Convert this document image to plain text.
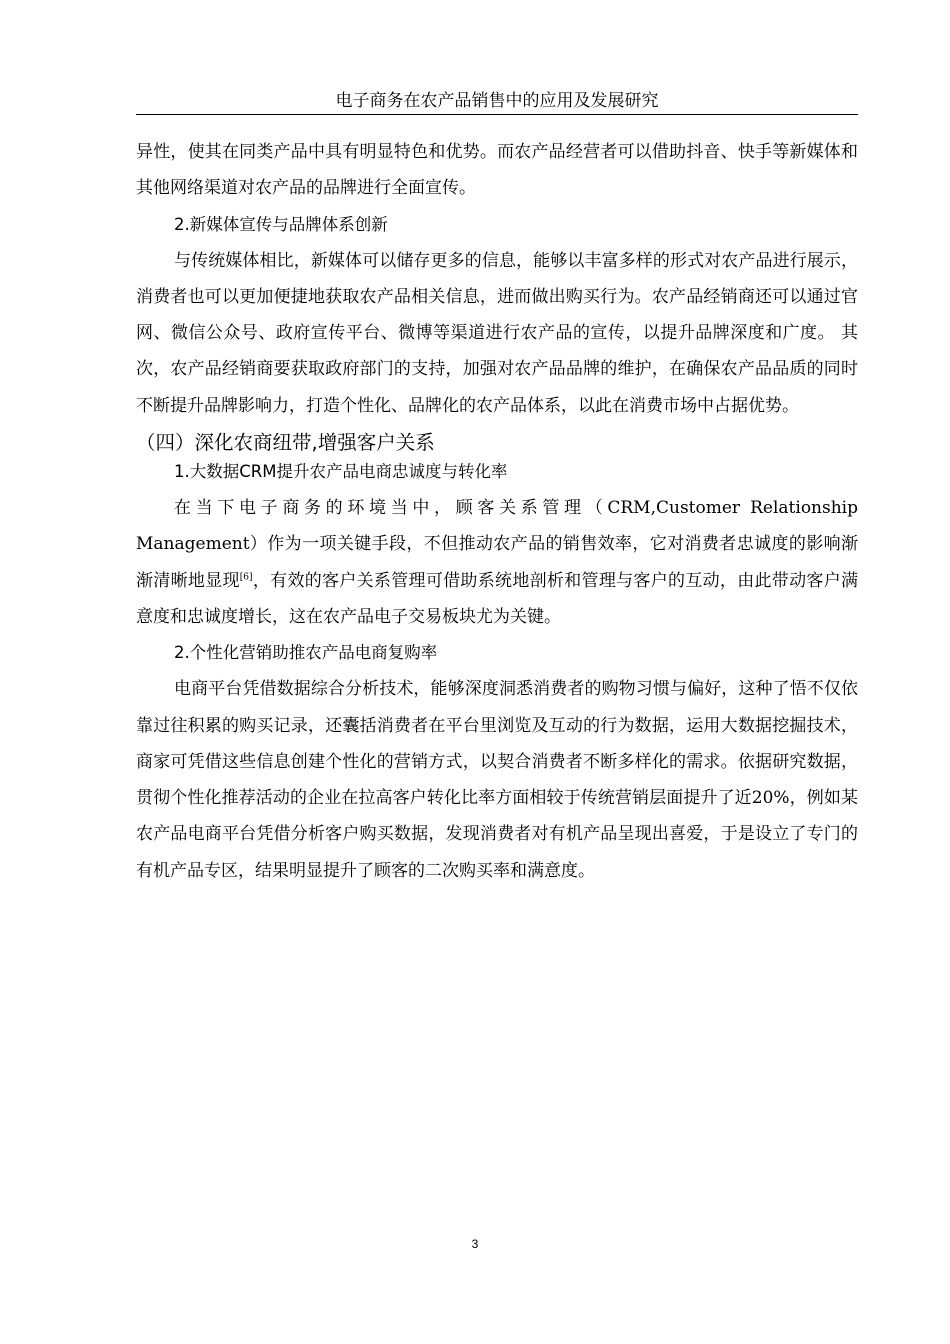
电子商务在农产品销售中的应用及发展研究

异性，使其在同类产品中具有明显特色和优势。而农产品经营者可以借助抖音、快手等新媒体和其他网络渠道对农产品的品牌进行全面宣传。

2.新媒体宣传与品牌体系创新

与传统媒体相比，新媒体可以储存更多的信息，能够以丰富多样的形式对农产品进行展示，消费者也可以更加便捷地获取农产品相关信息，进而做出购买行为。农产品经销商还可以通过官网、微信公众号、政府宣传平台、微博等渠道进行农产品的宣传，以提升品牌深度和广度。 其次，农产品经销商要获取政府部门的支持，加强对农产品品牌的维护，在确保农产品品质的同时不断提升品牌影响力，打造个性化、品牌化的农产品体系，以此在消费市场中占据优势。

（四）深化农商纽带,增强客户关系

1.大数据CRM提升农产品电商忠诚度与转化率

在当下电子商务的环境当中，顾客关系管理（CRM,Customer Relationship

Management）作为一项关键手段，不但推动农产品的销售效率，它对消费者忠诚度的影响渐渐清晰地显现[6]，有效的客户关系管理可借助系统地剖析和管理与客户的互动，由此带动客户满意度和忠诚度增长，这在农产品电子交易板块尤为关键。

2.个性化营销助推农产品电商复购率

电商平台凭借数据综合分析技术，能够深度洞悉消费者的购物习惯与偏好，这种了悟不仅依靠过往积累的购买记录，还囊括消费者在平台里浏览及互动的行为数据，运用大数据挖掘技术，商家可凭借这些信息创建个性化的营销方式，以契合消费者不断多样化的需求。依据研究数据，贯彻个性化推荐活动的企业在拉高客户转化比率方面相较于传统营销层面提升了近20%，例如某农产品电商平台凭借分析客户购买数据，发现消费者对有机产品呈现出喜爱，于是设立了专门的有机产品专区，结果明显提升了顾客的二次购买率和满意度。

3
